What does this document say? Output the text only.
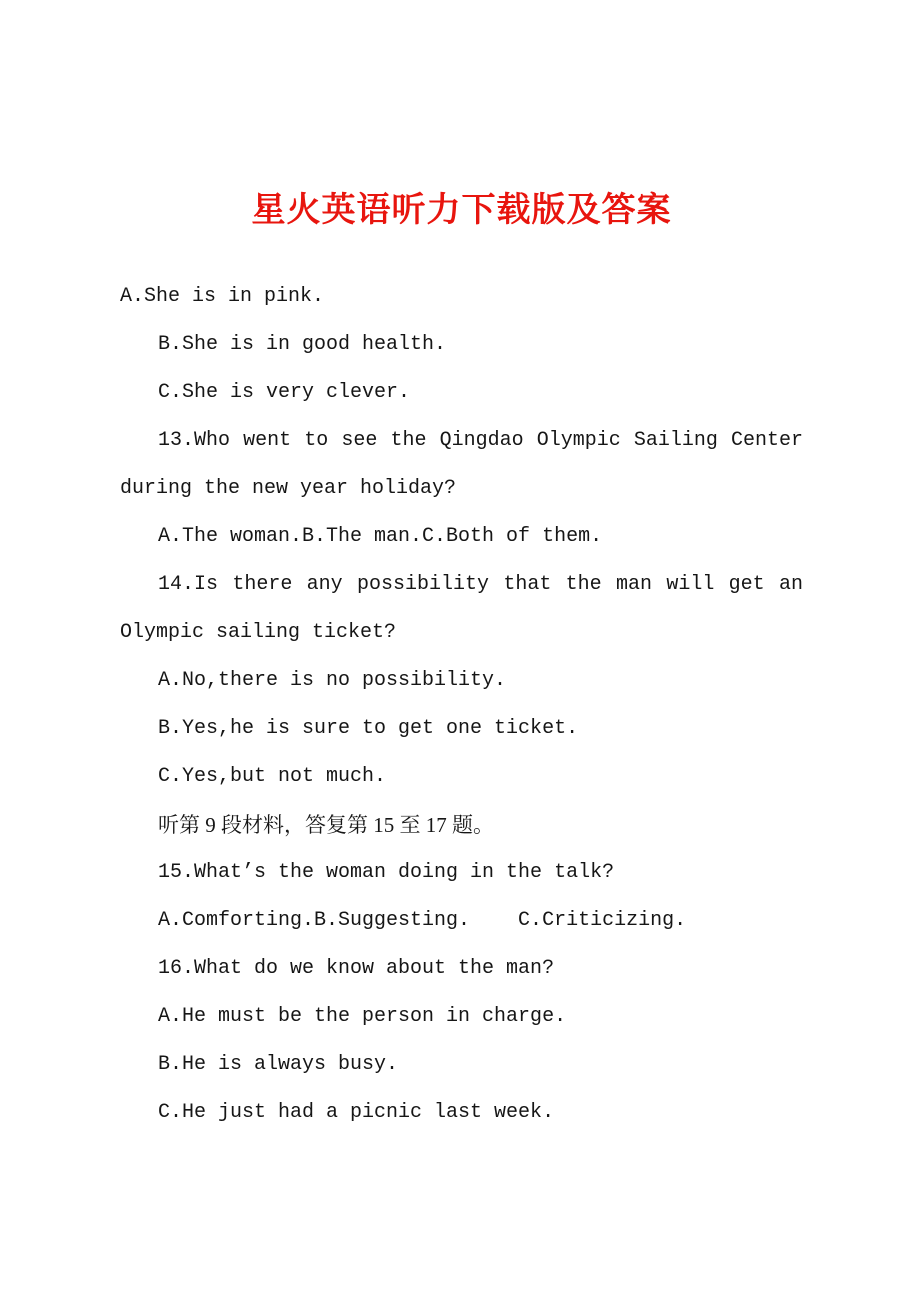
星火英语听力下载版及答案
A.She is in pink.
B.She is in good health.
C.She is very clever.
13.Who went to see the Qingdao Olympic Sailing Center
during the new year holiday?
A.The woman.B.The man.C.Both of them.
14.Is there any possibility that the man will get an
Olympic sailing ticket?
A.No,there is no possibility.
B.Yes,he is sure to get one ticket.
C.Yes,but not much.
听第 9 段材料，答复第 15 至 17 题。
15.What’s the woman doing in the talk?
A.Comforting.B.Suggesting.    C.Criticizing.
16.What do we know about the man?
A.He must be the person in charge.
B.He is always busy.
C.He just had a picnic last week.
